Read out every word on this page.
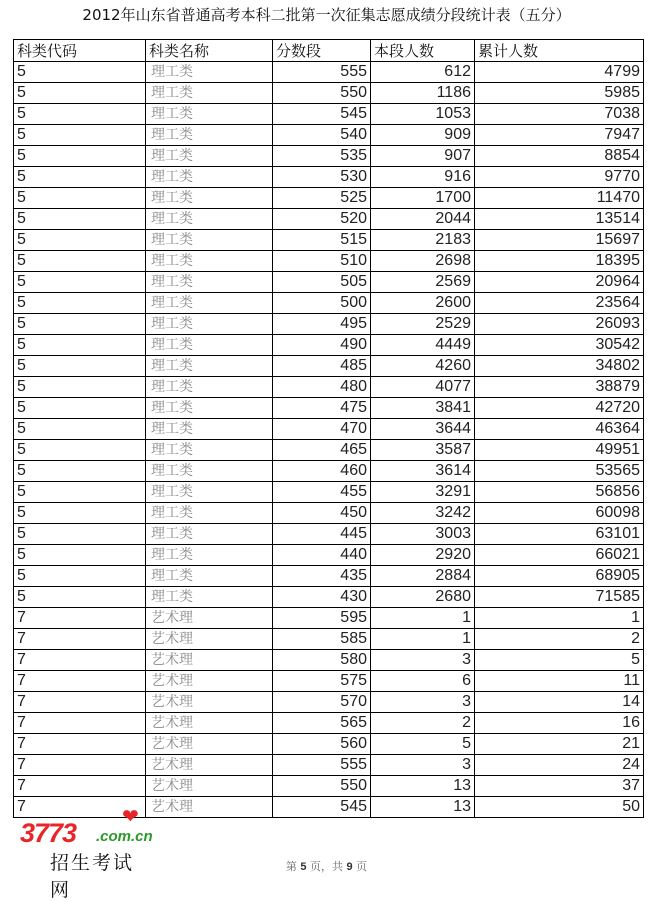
2012年山东省普通高考本科二批第一次征集志愿成绩分段统计表（五分）
科类代码	科类名称	分数段	本段人数	累计人数
5	理工类	555	612	4799
5	理工类	550	1186	5985
5	理工类	545	1053	7038
5	理工类	540	909	7947
5	理工类	535	907	8854
5	理工类	530	916	9770
5	理工类	525	1700	11470
5	理工类	520	2044	13514
5	理工类	515	2183	15697
5	理工类	510	2698	18395
5	理工类	505	2569	20964
5	理工类	500	2600	23564
5	理工类	495	2529	26093
5	理工类	490	4449	30542
5	理工类	485	4260	34802
5	理工类	480	4077	38879
5	理工类	475	3841	42720
5	理工类	470	3644	46364
5	理工类	465	3587	49951
5	理工类	460	3614	53565
5	理工类	455	3291	56856
5	理工类	450	3242	60098
5	理工类	445	3003	63101
5	理工类	440	2920	66021
5	理工类	435	2884	68905
5	理工类	430	2680	71585
7	艺术理	595	1	1
7	艺术理	585	1	2
7	艺术理	580	3	5
7	艺术理	575	6	11
7	艺术理	570	3	14
7	艺术理	565	2	16
7	艺术理	560	5	21
7	艺术理	555	3	24
7	艺术理	550	13	37
7	艺术理	545	13	50
❤
3773 .com.cn
招生考试网
第 5 页，共 9 页
